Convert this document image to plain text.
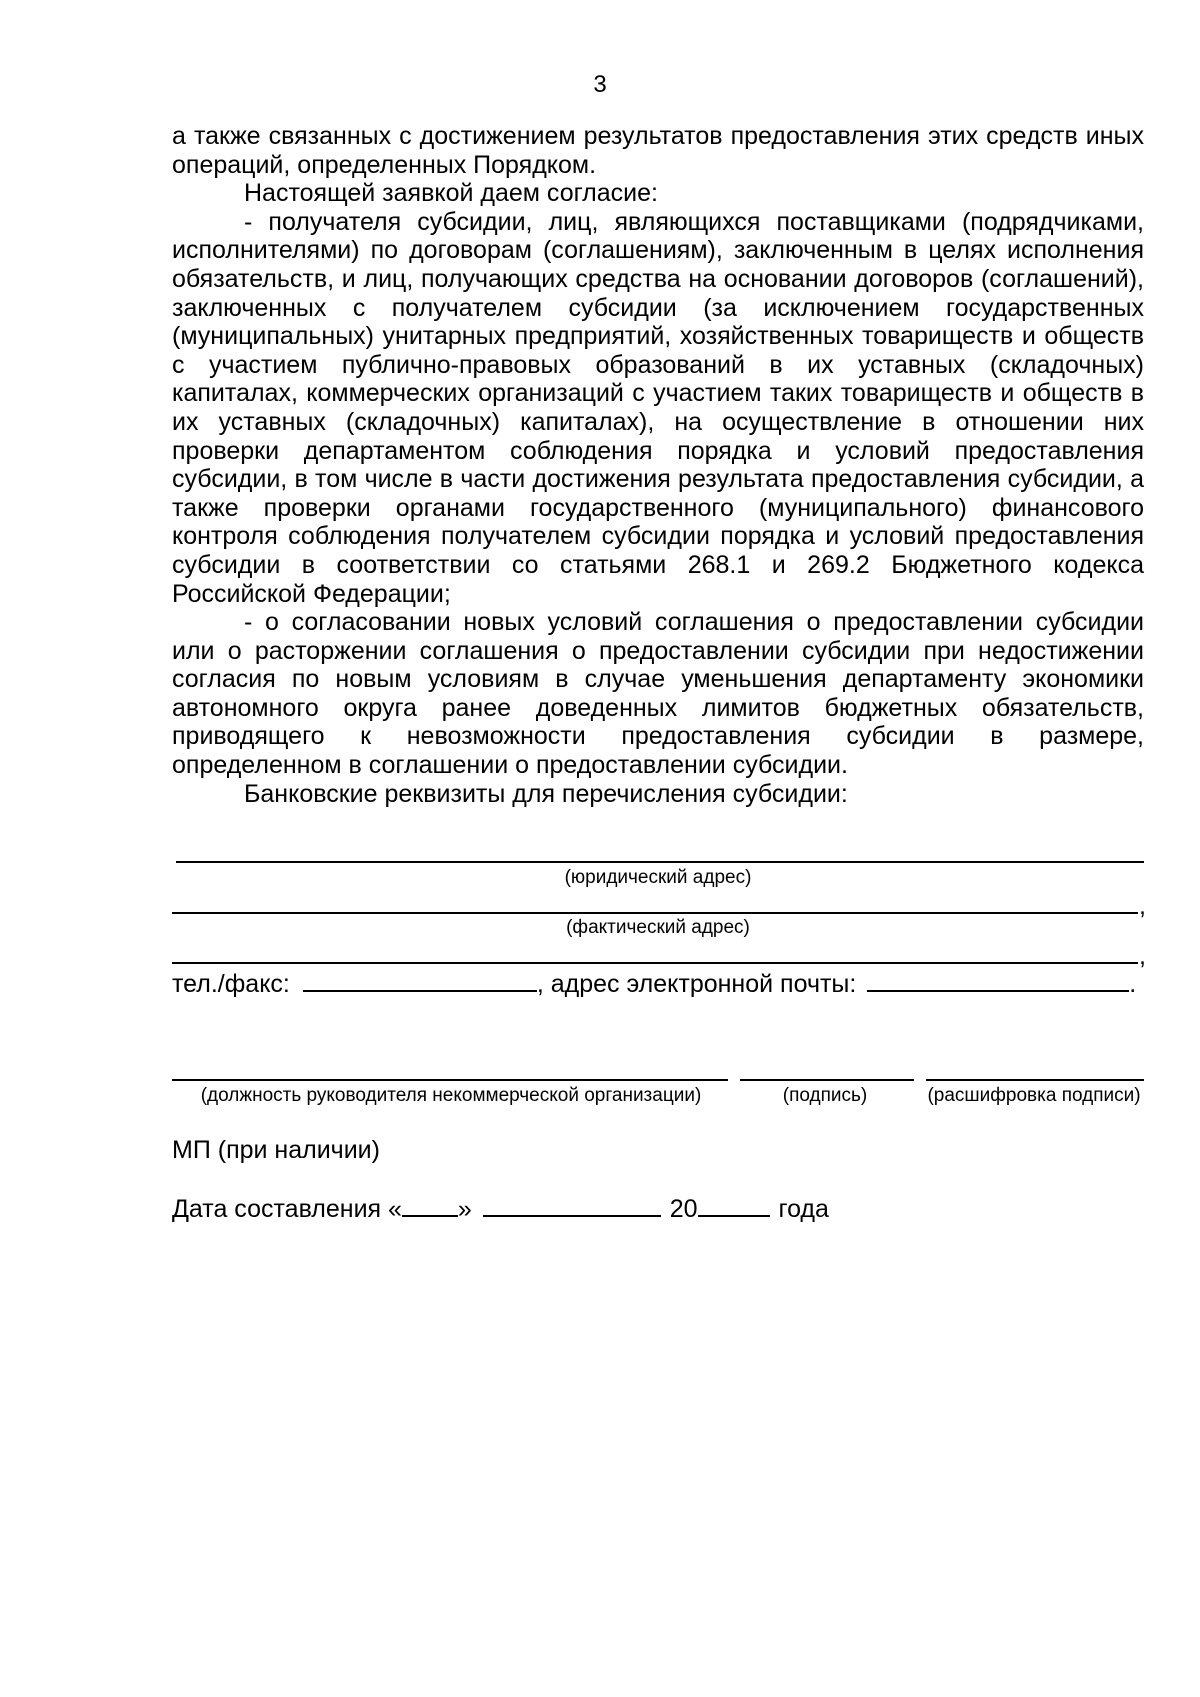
3

а также связанных с достижением результатов предоставления этих средств иных операций, определенных Порядком.

Настоящей заявкой даем согласие:

- получателя субсидии, лиц, являющихся поставщиками (подрядчиками, исполнителями) по договорам (соглашениям), заключенным в целях исполнения обязательств, и лиц, получающих средства на основании договоров (соглашений), заключенных с получателем субсидии (за исключением государственных (муниципальных) унитарных предприятий, хозяйственных товариществ и обществ с участием публично-правовых образований в их уставных (складочных) капиталах, коммерческих организаций с участием таких товариществ и обществ в их уставных (складочных) капиталах), на осуществление в отношении них проверки департаментом соблюдения порядка и условий предоставления субсидии, в том числе в части достижения результата предоставления субсидии, а также проверки органами государственного (муниципального) финансового контроля соблюдения получателем субсидии порядка и условий предоставления субсидии в соответствии со статьями 268.1 и 269.2 Бюджетного кодекса Российской Федерации;

- о согласовании новых условий соглашения о предоставлении субсидии или о расторжении соглашения о предоставлении субсидии при недостижении согласия по новым условиям в случае уменьшения департаменту экономики автономного округа ранее доведенных лимитов бюджетных обязательств, приводящего к невозможности предоставления субсидии в размере, определенном в соглашении о предоставлении субсидии.

Банковские реквизиты для перечисления субсидии:

(юридический адрес)
,
(фактический адрес)
,
тел./факс:	, адрес электронной почты:	.
(должность руководителя некоммерческой организации)	(подпись)	(расшифровка подписи)
МП (при наличии)
Дата составления « »	20	года
